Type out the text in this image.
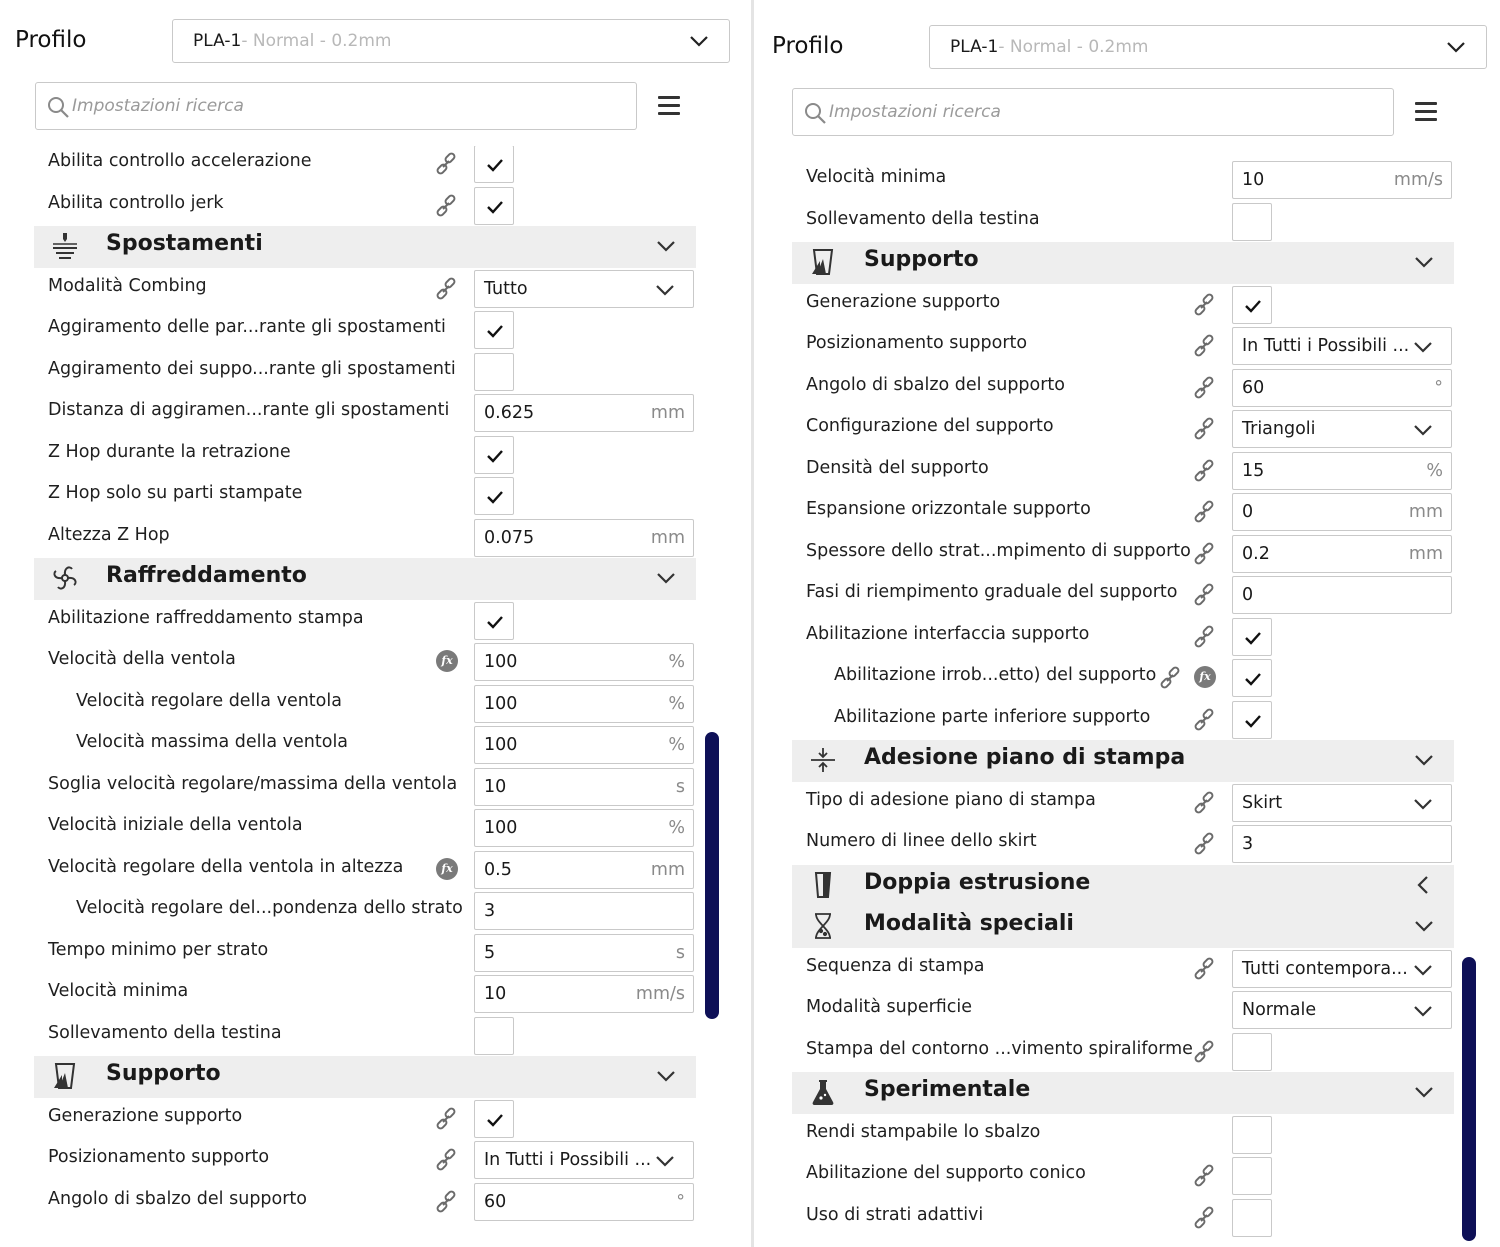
Profilo	PLA-1 - Normal - 0.2mm
Impostazioni ricerca
Abilita controllo accelerazione
Abilita controllo jerk
Spostamenti
Modalità Combing	Tutto
Aggiramento delle par...rante gli spostamenti
Aggiramento dei suppo...rante gli spostamenti
Distanza di aggiramen...rante gli spostamenti 0.625	mm
Z Hop durante la retrazione
Z Hop solo su parti stampate
Altezza Z Hop	0.075	mm
Raffreddamento
Abilitazione raffreddamento stampa
Velocità della ventola	fx	100	%
Velocità regolare della ventola	100	%
Velocità massima della ventola	100	%
Soglia velocità regolare/massima della ventola 10	s
Velocità iniziale della ventola	100	%
Velocità regolare della ventola in altezza	fx	0.5	mm
Velocità regolare del...pondenza dello strato 3
Tempo minimo per strato	5	s
Velocità minima	10	mm/s
Sollevamento della testina
Supporto
Generazione supporto
Posizionamento supporto	In Tutti i Possibili ...
Angolo di sbalzo del supporto	60	°
Profilo	PLA-1 - Normal - 0.2mm
Impostazioni ricerca
Velocità minima	10	mm/s
Sollevamento della testina
Supporto
Generazione supporto
Posizionamento supporto	In Tutti i Possibili ...
Angolo di sbalzo del supporto	60	°
Configurazione del supporto	Triangoli
Densità del supporto	15	%
Espansione orizzontale supporto	0	mm
Spessore dello strat...mpimento di supporto	0.2	mm
Fasi di riempimento graduale del supporto	0
Abilitazione interfaccia supporto
Abilitazione irrob...etto) del supporto	fx
Abilitazione parte inferiore supporto
Adesione piano di stampa
Tipo di adesione piano di stampa	Skirt
Numero di linee dello skirt	3
Doppia estrusione
Modalità speciali
Sequenza di stampa	Tutti contempora...
Modalità superficie	Normale
Stampa del contorno ...vimento spiraliforme
Sperimentale
Rendi stampabile lo sbalzo
Abilitazione del supporto conico
Uso di strati adattivi
